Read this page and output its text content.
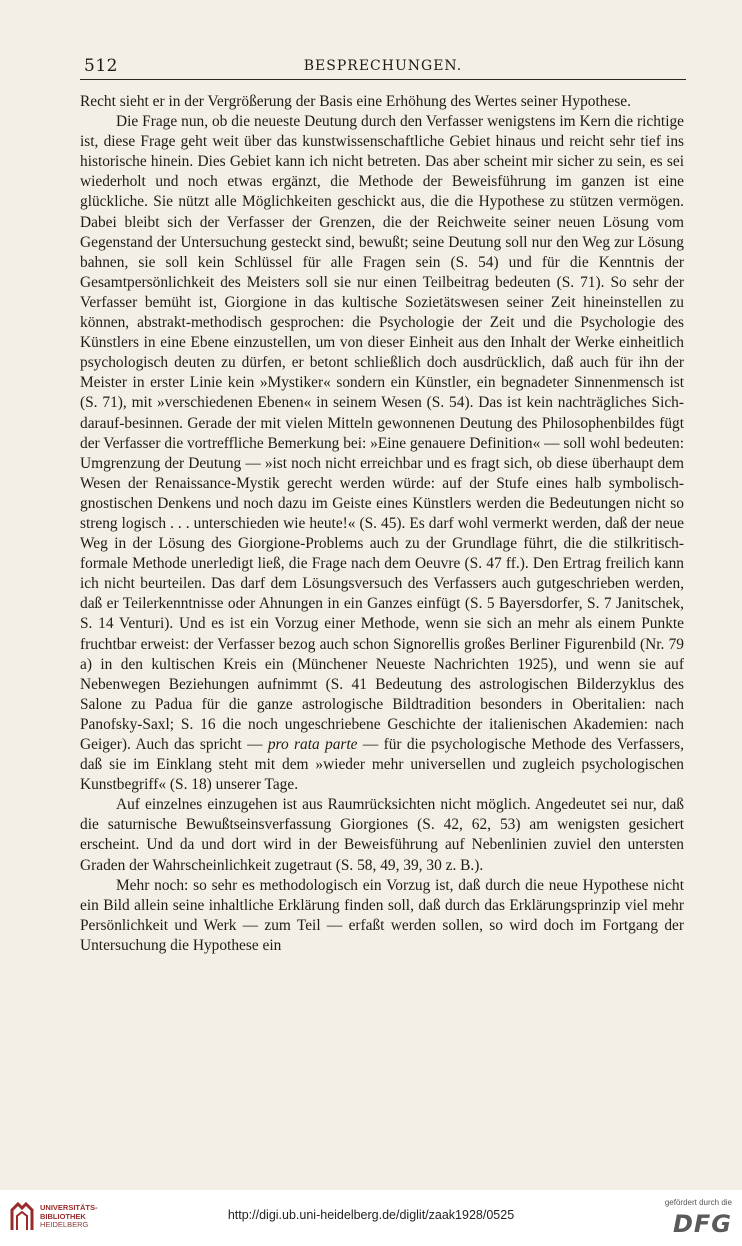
512	BESPRECHUNGEN.

Recht sieht er in der Vergrößerung der Basis eine Erhöhung des Wertes seiner Hypothese.

Die Frage nun, ob die neueste Deutung durch den Verfasser wenigstens im Kern die richtige ist, diese Frage geht weit über das kunstwissenschaftliche Gebiet hinaus und reicht sehr tief ins historische hinein. Dies Gebiet kann ich nicht betreten. Das aber scheint mir sicher zu sein, es sei wiederholt und noch etwas ergänzt, die Methode der Beweisführung im ganzen ist eine glückliche. Sie nützt alle Möglichkeiten geschickt aus, die die Hypothese zu stützen vermögen. Dabei bleibt sich der Verfasser der Grenzen, die der Reichweite seiner neuen Lösung vom Gegenstand der Untersuchung gesteckt sind, bewußt; seine Deutung soll nur den Weg zur Lösung bahnen, sie soll kein Schlüssel für alle Fragen sein (S. 54) und für die Kenntnis der Gesamtpersönlichkeit des Meisters soll sie nur einen Teilbeitrag bedeuten (S. 71). So sehr der Verfasser bemüht ist, Giorgione in das kultische Sozietätswesen seiner Zeit hineinstellen zu können, abstrakt-methodisch gesprochen: die Psychologie der Zeit und die Psychologie des Künstlers in eine Ebene einzustellen, um von dieser Einheit aus den Inhalt der Werke einheitlich psychologisch deuten zu dürfen, er betont schließlich doch ausdrücklich, daß auch für ihn der Meister in erster Linie kein »Mystiker« sondern ein Künstler, ein begnadeter Sinnenmensch ist (S. 71), mit »verschiedenen Ebenen« in seinem Wesen (S. 54). Das ist kein nachträgliches Sich-darauf-besinnen. Gerade der mit vielen Mitteln gewonnenen Deutung des Philosophenbildes fügt der Verfasser die vortreffliche Bemerkung bei: »Eine genauere Definition« — soll wohl bedeuten: Umgrenzung der Deutung — »ist noch nicht erreichbar und es fragt sich, ob diese überhaupt dem Wesen der Renaissance-Mystik gerecht werden würde: auf der Stufe eines halb symbolisch-gnostischen Denkens und noch dazu im Geiste eines Künstlers werden die Bedeutungen nicht so streng logisch . . . unterschieden wie heute!« (S. 45). Es darf wohl vermerkt werden, daß der neue Weg in der Lösung des Giorgione-Problems auch zu der Grundlage führt, die die stilkritisch-formale Methode unerledigt ließ, die Frage nach dem Oeuvre (S. 47 ff.). Den Ertrag freilich kann ich nicht beurteilen. Das darf dem Lösungsversuch des Verfassers auch gutgeschrieben werden, daß er Teilerkenntnisse oder Ahnungen in ein Ganzes einfügt (S. 5 Bayersdorfer, S. 7 Janitschek, S. 14 Venturi). Und es ist ein Vorzug einer Methode, wenn sie sich an mehr als einem Punkte fruchtbar erweist: der Verfasser bezog auch schon Signorellis großes Berliner Figurenbild (Nr. 79 a) in den kultischen Kreis ein (Münchener Neueste Nachrichten 1925), und wenn sie auf Nebenwegen Beziehungen aufnimmt (S. 41 Bedeutung des astrologischen Bilderzyklus des Salone zu Padua für die ganze astrologische Bildtradition besonders in Oberitalien: nach Panofsky-Saxl; S. 16 die noch ungeschriebene Geschichte der italienischen Akademien: nach Geiger). Auch das spricht — pro rata parte — für die psychologische Methode des Verfassers, daß sie im Einklang steht mit dem »wieder mehr universellen und zugleich psychologischen Kunstbegriff« (S. 18) unserer Tage.

Auf einzelnes einzugehen ist aus Raumrücksichten nicht möglich. Angedeutet sei nur, daß die saturnische Bewußtseinsverfassung Giorgiones (S. 42, 62, 53) am wenigsten gesichert erscheint. Und da und dort wird in der Beweisführung auf Nebenlinien zuviel den untersten Graden der Wahrscheinlichkeit zugetraut (S. 58, 49, 39, 30 z. B.).

Mehr noch: so sehr es methodologisch ein Vorzug ist, daß durch die neue Hypothese nicht ein Bild allein seine inhaltliche Erklärung finden soll, daß durch das Erklärungsprinzip viel mehr Persönlichkeit und Werk — zum Teil — erfaßt werden sollen, so wird doch im Fortgang der Untersuchung die Hypothese ein

UNIVERSITÄTS-
BIBLIOTHEK
HEIDELBERG
http://digi.ub.uni-heidelberg.de/diglit/zaak1928/0525
gefördert durch die
DFG
